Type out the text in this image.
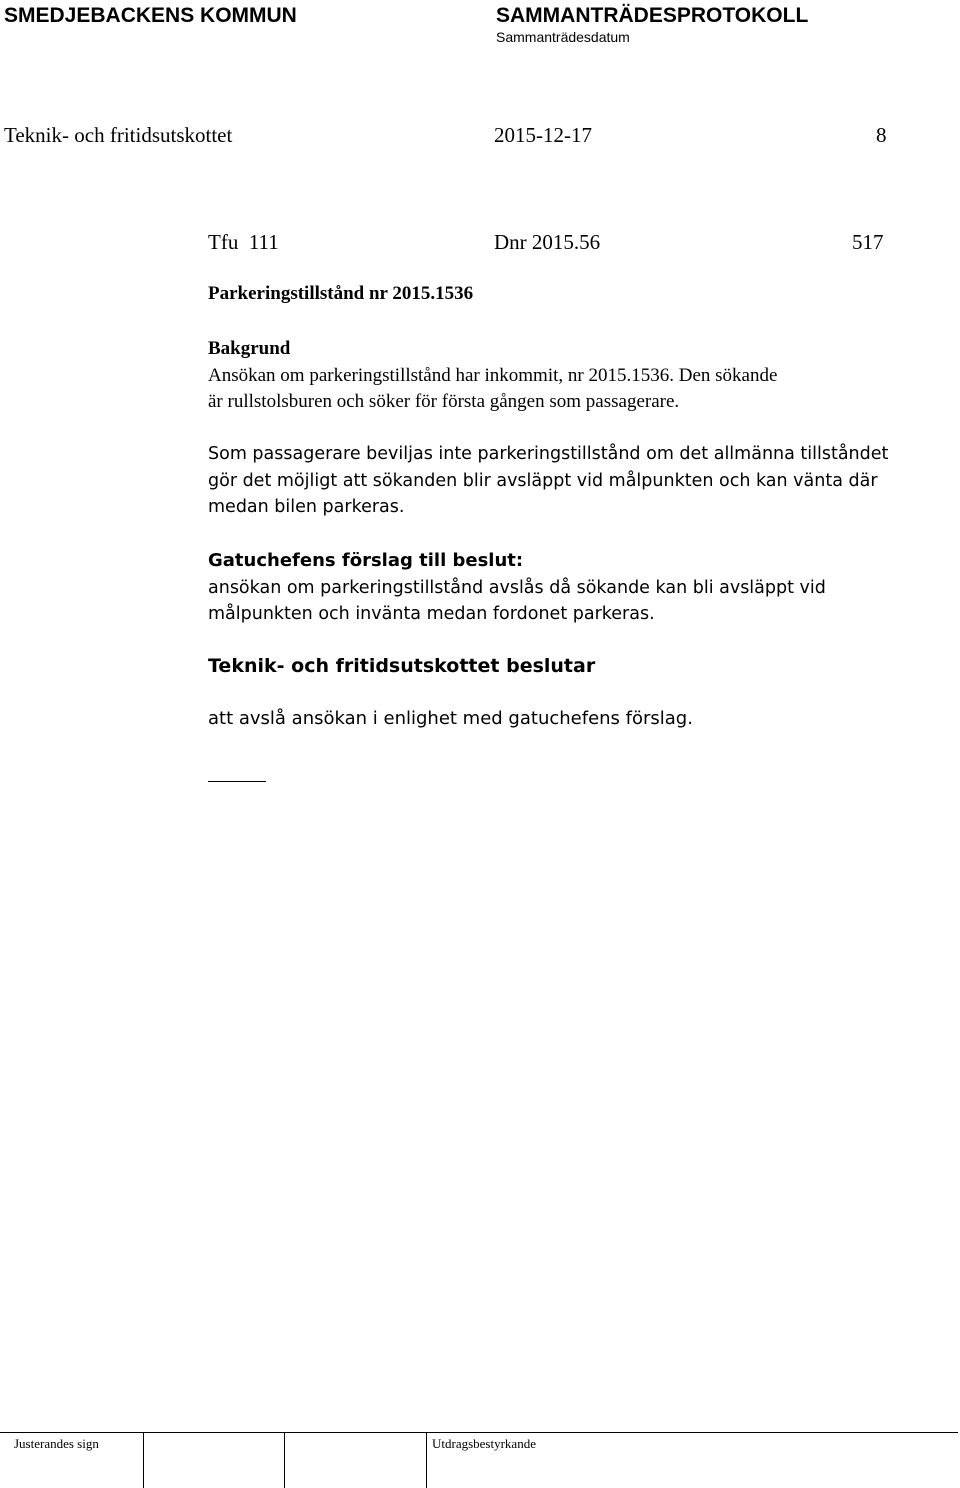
SMEDJEBACKENS KOMMUN	SAMMANTRÄDESPROTOKOLL
Sammanträdesdatum
Teknik- och fritidsutskottet	2015-12-17	8
Tfu  111	Dnr 2015.56	517
Parkeringstillstånd nr 2015.1536

Bakgrund

Ansökan om parkeringstillstånd har inkommit, nr 2015.1536. Den sökande

är rullstolsburen och söker för första gången som passagerare.

Som passagerare beviljas inte parkeringstillstånd om det allmänna tillståndet

gör det möjligt att sökanden blir avsläppt vid målpunkten och kan vänta där

medan bilen parkeras.

Gatuchefens förslag till beslut:

ansökan om parkeringstillstånd avslås då sökande kan bli avsläppt vid

målpunkten och invänta medan fordonet parkeras.

Teknik- och fritidsutskottet beslutar
att avslå ansökan i enlighet med gatuchefens förslag.
Justerandes sign	Utdragsbestyrkande
